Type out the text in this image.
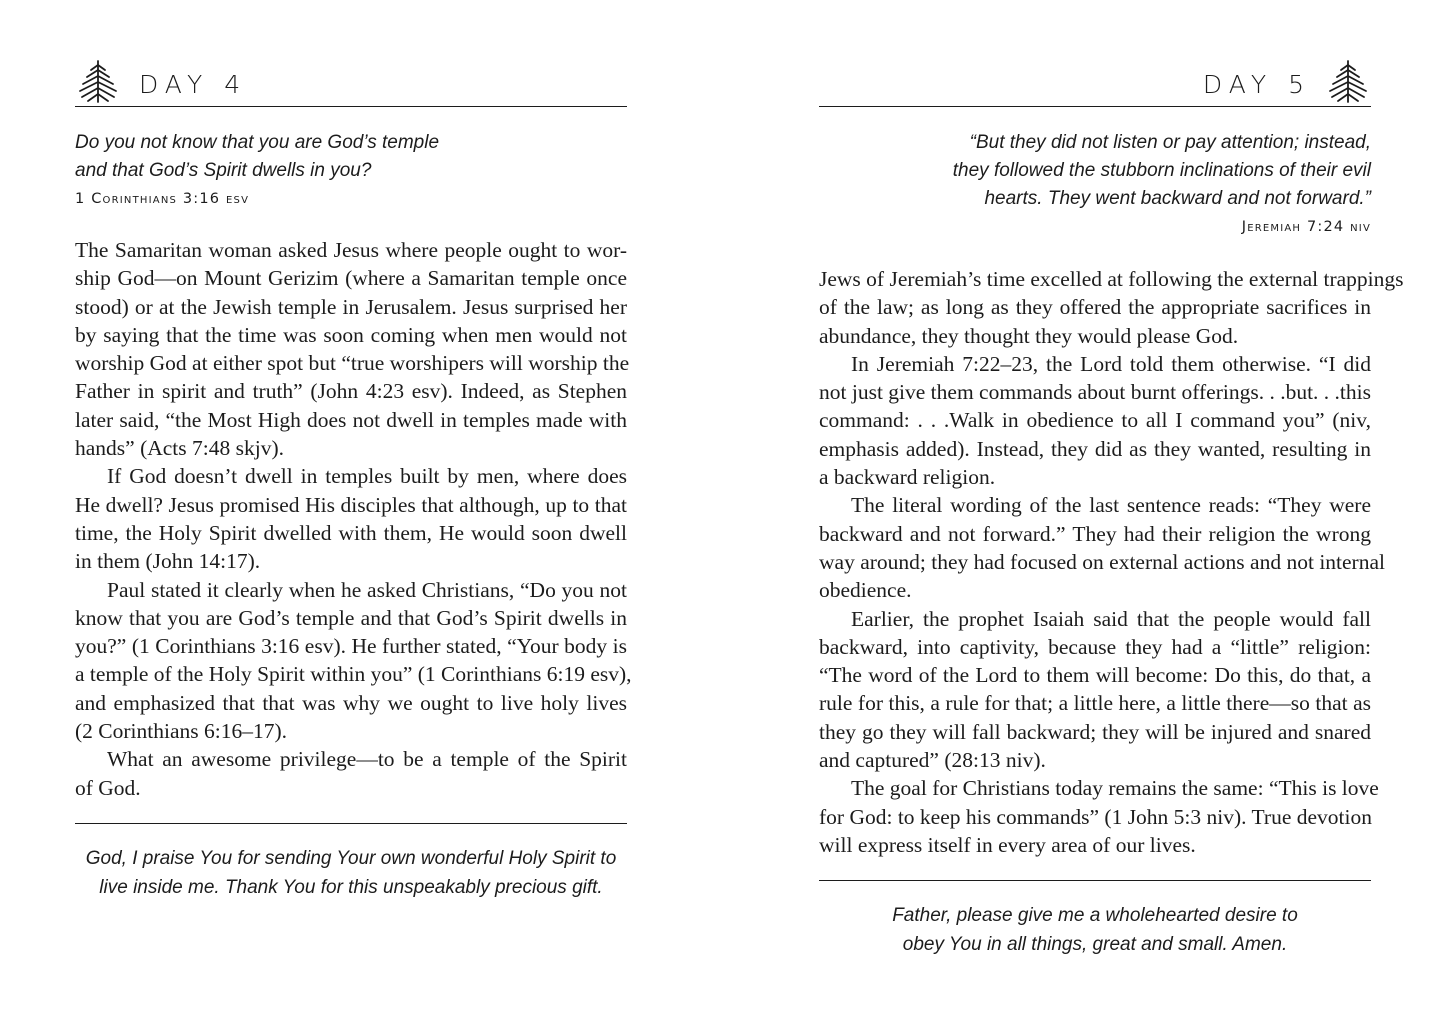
DAY 4
Do you not know that you are God’s temple
and that God’s Spirit dwells in you?
1 Corinthians 3:16 esv
The Samaritan woman asked Jesus where people ought to wor-
ship God—on Mount Gerizim (where a Samaritan temple once
stood) or at the Jewish temple in Jerusalem. Jesus surprised her
by saying that the time was soon coming when men would not
worship God at either spot but “true worshipers will worship the
Father in spirit and truth” (John 4:23 esv). Indeed, as Stephen
later said, “the Most High does not dwell in temples made with
hands” (Acts 7:48 skjv).
If God doesn’t dwell in temples built by men, where does
He dwell? Jesus promised His disciples that although, up to that
time, the Holy Spirit dwelled with them, He would soon dwell
in them (John 14:17).
Paul stated it clearly when he asked Christians, “Do you not
know that you are God’s temple and that God’s Spirit dwells in
you?” (1 Corinthians 3:16 esv). He further stated, “Your body is
a temple of the Holy Spirit within you” (1 Corinthians 6:19 esv),
and emphasized that that was why we ought to live holy lives
(2 Corinthians 6:16–17).
What an awesome privilege—to be a temple of the Spirit
of God.
God, I praise You for sending Your own wonderful Holy Spirit to
live inside me. Thank You for this unspeakably precious gift.
DAY 5
“But they did not listen or pay attention; instead,
they followed the stubborn inclinations of their evil
hearts. They went backward and not forward.”
Jeremiah 7:24 niv
Jews of Jeremiah’s time excelled at following the external trappings
of the law; as long as they offered the appropriate sacrifices in
abundance, they thought they would please God.
In Jeremiah 7:22–23, the Lord told them otherwise. “I did
not just give them commands about burnt offerings. . .but. . .this
command: . . .Walk in obedience to all I command you” (niv,
emphasis added). Instead, they did as they wanted, resulting in
a backward religion.
The literal wording of the last sentence reads: “They were
backward and not forward.” They had their religion the wrong
way around; they had focused on external actions and not internal
obedience.
Earlier, the prophet Isaiah said that the people would fall
backward, into captivity, because they had a “little” religion:
“The word of the Lord to them will become: Do this, do that, a
rule for this, a rule for that; a little here, a little there—so that as
they go they will fall backward; they will be injured and snared
and captured” (28:13 niv).
The goal for Christians today remains the same: “This is love
for God: to keep his commands” (1 John 5:3 niv). True devotion
will express itself in every area of our lives.
Father, please give me a wholehearted desire to
obey You in all things, great and small. Amen.
